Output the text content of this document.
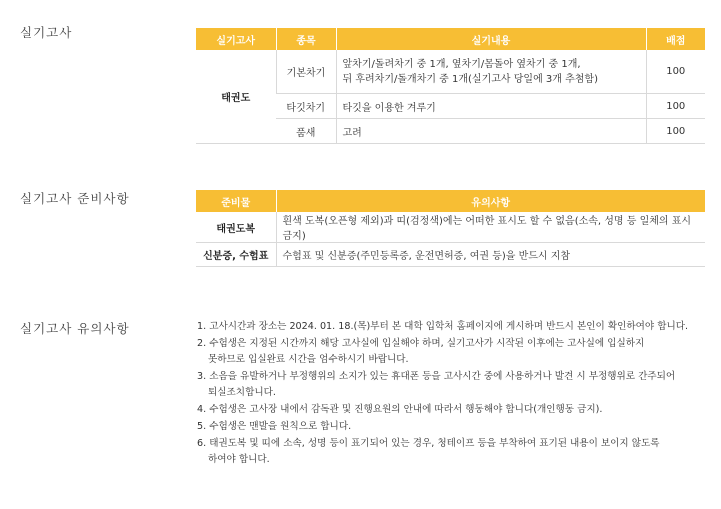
실기고사
실기고사	종목	실기내용	배점
태권도	기본차기	앞차기/돌려차기 중 1개, 옆차기/몸돌아 옆차기 중 1개,
뒤 후려차기/돌개차기 중 1개(실기고사 당일에 3개 추첨함)	100
	타깃차기	타깃을 이용한 겨루기	100
	품새	고려	100
실기고사 준비사항	준비물	유의사항
태권도복	흰색 도복(오픈형 제외)과 띠(검정색)에는 어떠한 표시도 할 수 없음(소속, 성명 등 일체의 표시 금지)
신분증, 수험표	수험표 및 신분증(주민등록증, 운전면허증, 여권 등)을 반드시 지참
실기고사 유의사항	1. 고사시간과 장소는 2024. 01. 18.(목)부터 본 대학 입학처 홈페이지에 게시하며 반드시 본인이 확인하여야 합니다.
2. 수험생은 지정된 시간까지 해당 고사실에 입실해야 하며, 실기고사가 시작된 이후에는 고사실에 입실하지
못하므로 입실완료 시간을 엄수하시기 바랍니다.
3. 소음을 유발하거나 부정행위의 소지가 있는 휴대폰 등을 고사시간 중에 사용하거나 발견 시 부정행위로 간주되어
퇴실조치합니다.
4. 수험생은 고사장 내에서 감독관 및 진행요원의 안내에 따라서 행동해야 합니다(개인행동 금지).
5. 수험생은 맨발을 원칙으로 합니다.
6. 태권도복 및 띠에 소속, 성명 등이 표기되어 있는 경우, 청테이프 등을 부착하여 표기된 내용이 보이지 않도록
하여야 합니다.
